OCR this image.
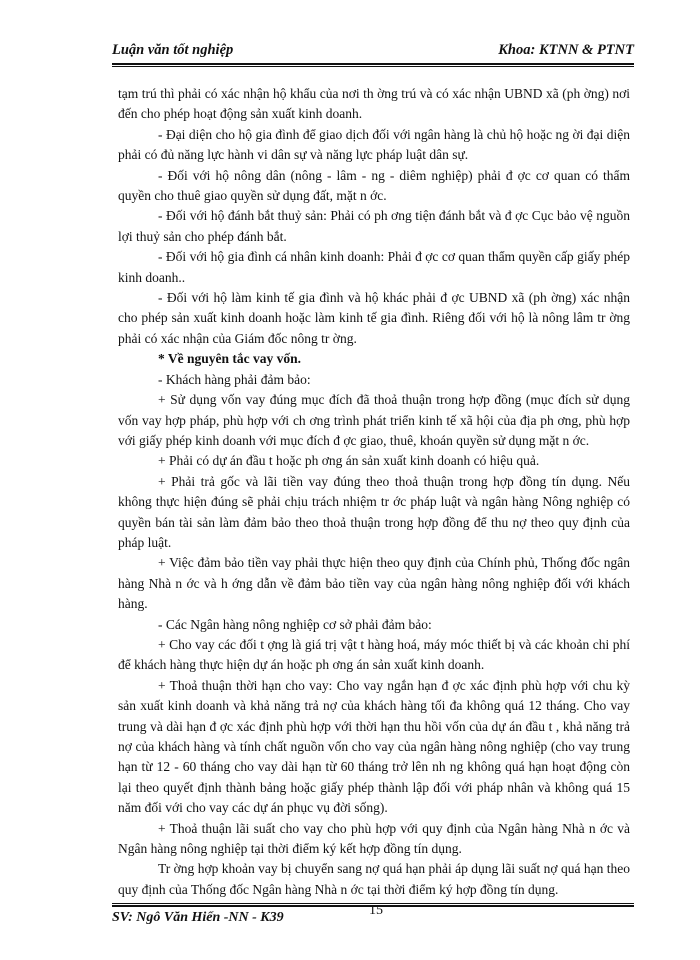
Luận văn tốt nghiệp	Khoa: KTNN & PTNT

tạm trú thì phải có xác nhận hộ khẩu của nơi th ờng trú và có xác nhận UBND xã (ph ờng) nơi đến cho phép hoạt động sản xuất kinh doanh.

- Đại diện cho hộ gia đình để giao dịch đối với ngân hàng là chủ hộ hoặc ng ời đại diện phải có đủ năng lực hành vi dân sự và năng lực pháp luật dân sự.

- Đối với hộ nông dân (nông - lâm - ng - diêm nghiệp) phải đ ợc cơ quan có thẩm quyền cho thuê giao quyền sử dụng đất, mặt n ớc.

- Đối với hộ đánh bắt thuỷ sản: Phải có ph ơng tiện đánh bắt và đ ợc Cục bảo vệ nguồn lợi thuỷ sản cho phép đánh bắt.

- Đối với hộ gia đình cá nhân kinh doanh: Phải đ ợc cơ quan thẩm quyền cấp giấy phép kinh doanh..

- Đối với hộ làm kinh tế gia đình và hộ khác phải đ ợc UBND xã (ph ờng) xác nhận cho phép sản xuất kinh doanh hoặc làm kinh tế gia đình. Riêng đối với hộ là nông lâm tr ờng phải có xác nhận của Giám đốc nông tr ờng.

* Về nguyên tắc vay vốn.

- Khách hàng phải đảm bảo:

+ Sử dụng vốn vay đúng mục đích đã thoả thuận trong hợp đồng (mục đích sử dụng vốn vay hợp pháp, phù hợp với ch ơng trình phát triển kinh tế xã hội của địa ph ơng, phù hợp với giấy phép kinh doanh với mục đích đ ợc giao, thuê, khoán quyền sử dụng mặt n ớc.

+ Phải có dự án đầu t hoặc ph ơng án sản xuất kinh doanh có hiệu quả.

+ Phải trả gốc và lãi tiền vay đúng theo thoả thuận trong hợp đồng tín dụng. Nếu không thực hiện đúng sẽ phải chịu trách nhiệm tr ớc pháp luật và ngân hàng Nông nghiệp có quyền bán tài sản làm đảm bảo theo thoả thuận trong hợp đồng để thu nợ theo quy định của pháp luật.

+ Việc đảm bảo tiền vay phải thực hiện theo quy định của Chính phủ, Thống đốc ngân hàng Nhà n ớc và h ớng dẫn về đảm bảo tiền vay của ngân hàng nông nghiệp đối với khách hàng.

- Các Ngân hàng nông nghiệp cơ sở phải đảm bảo:

+ Cho vay các đối t ợng là giá trị vật t hàng hoá, máy móc thiết bị và các khoản chi phí để khách hàng thực hiện dự án hoặc ph ơng án sản xuất kinh doanh.

+ Thoả thuận thời hạn cho vay: Cho vay ngắn hạn đ ợc xác định phù hợp với chu kỳ sản xuất kinh doanh và khả năng trả nợ của khách hàng tối đa không quá 12 tháng. Cho vay trung và dài hạn đ ợc xác định phù hợp với thời hạn thu hồi vốn của dự án đầu t , khả năng trả nợ của khách hàng và tính chất nguồn vốn cho vay của ngân hàng nông nghiệp (cho vay trung hạn từ 12 - 60 tháng cho vay dài hạn từ 60 tháng trở lên nh ng không quá hạn hoạt động còn lại theo quyết định thành bảng hoặc giấy phép thành lập đối với pháp nhân và không quá 15 năm đối với cho vay các dự án phục vụ đời sống).

+ Thoả thuận lãi suất cho vay cho phù hợp với quy định của Ngân hàng Nhà n ớc và Ngân hàng nông nghiệp tại thời điểm ký kết hợp đồng tín dụng.

Tr ờng hợp khoản vay bị chuyển sang nợ quá hạn phải áp dụng lãi suất nợ quá hạn theo quy định của Thống đốc Ngân hàng Nhà n ớc tại thời điểm ký hợp đồng tín dụng.

SV: Ngô Văn Hiển -NN - K39	15
